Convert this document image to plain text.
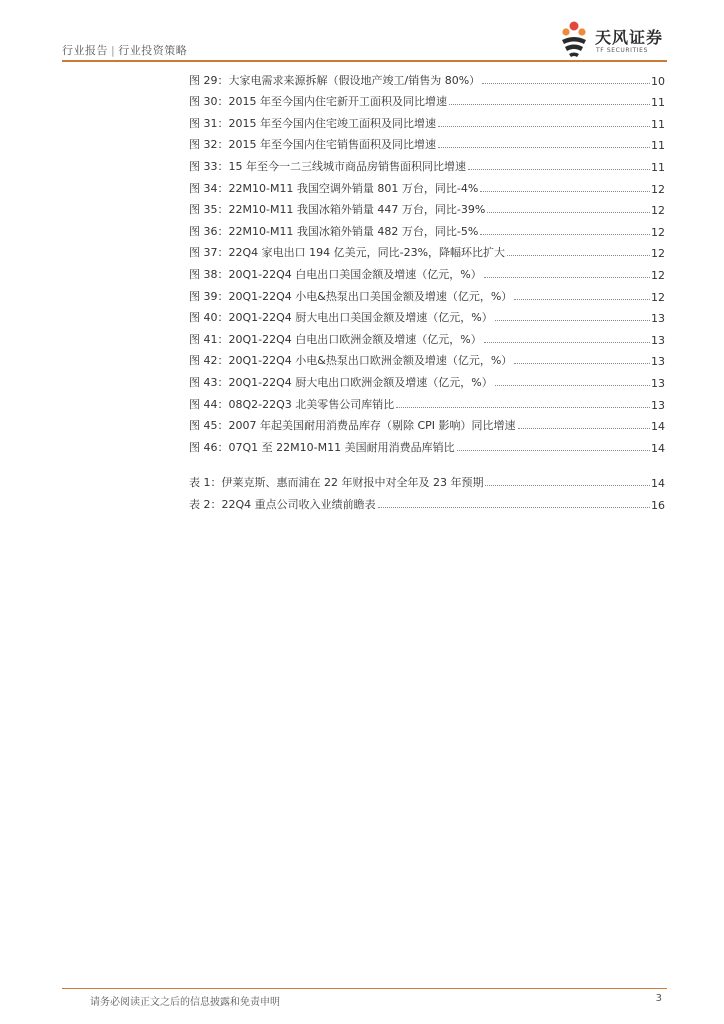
行业报告 | 行业投资策略
天风证券
TF SECURITIES
图 29：大家电需求来源拆解（假设地产竣工/销售为 80%）	10
图 30：2015 年至今国内住宅新开工面积及同比增速	11
图 31：2015 年至今国内住宅竣工面积及同比增速	11
图 32：2015 年至今国内住宅销售面积及同比增速	11
图 33：15 年至今一二三线城市商品房销售面积同比增速	11
图 34：22M10-M11 我国空调外销量 801 万台，同比-4%	12
图 35：22M10-M11 我国冰箱外销量 447 万台，同比-39%	12
图 36：22M10-M11 我国冰箱外销量 482 万台，同比-5%	12
图 37：22Q4 家电出口 194 亿美元，同比-23%，降幅环比扩大	12
图 38：20Q1-22Q4 白电出口美国金额及增速（亿元，%）	12
图 39：20Q1-22Q4 小电&热泵出口美国金额及增速（亿元，%）	12
图 40：20Q1-22Q4 厨大电出口美国金额及增速（亿元，%）	13
图 41：20Q1-22Q4 白电出口欧洲金额及增速（亿元，%）	13
图 42：20Q1-22Q4 小电&热泵出口欧洲金额及增速（亿元，%）	13
图 43：20Q1-22Q4 厨大电出口欧洲金额及增速（亿元，%）	13
图 44：08Q2-22Q3 北美零售公司库销比	13
图 45：2007 年起美国耐用消费品库存（剔除 CPI 影响）同比增速	14
图 46：07Q1 至 22M10-M11 美国耐用消费品库销比	14
表 1：伊莱克斯、惠而浦在 22 年财报中对全年及 23 年预期	14
表 2：22Q4 重点公司收入业绩前瞻表	16
请务必阅读正文之后的信息披露和免责申明	3
